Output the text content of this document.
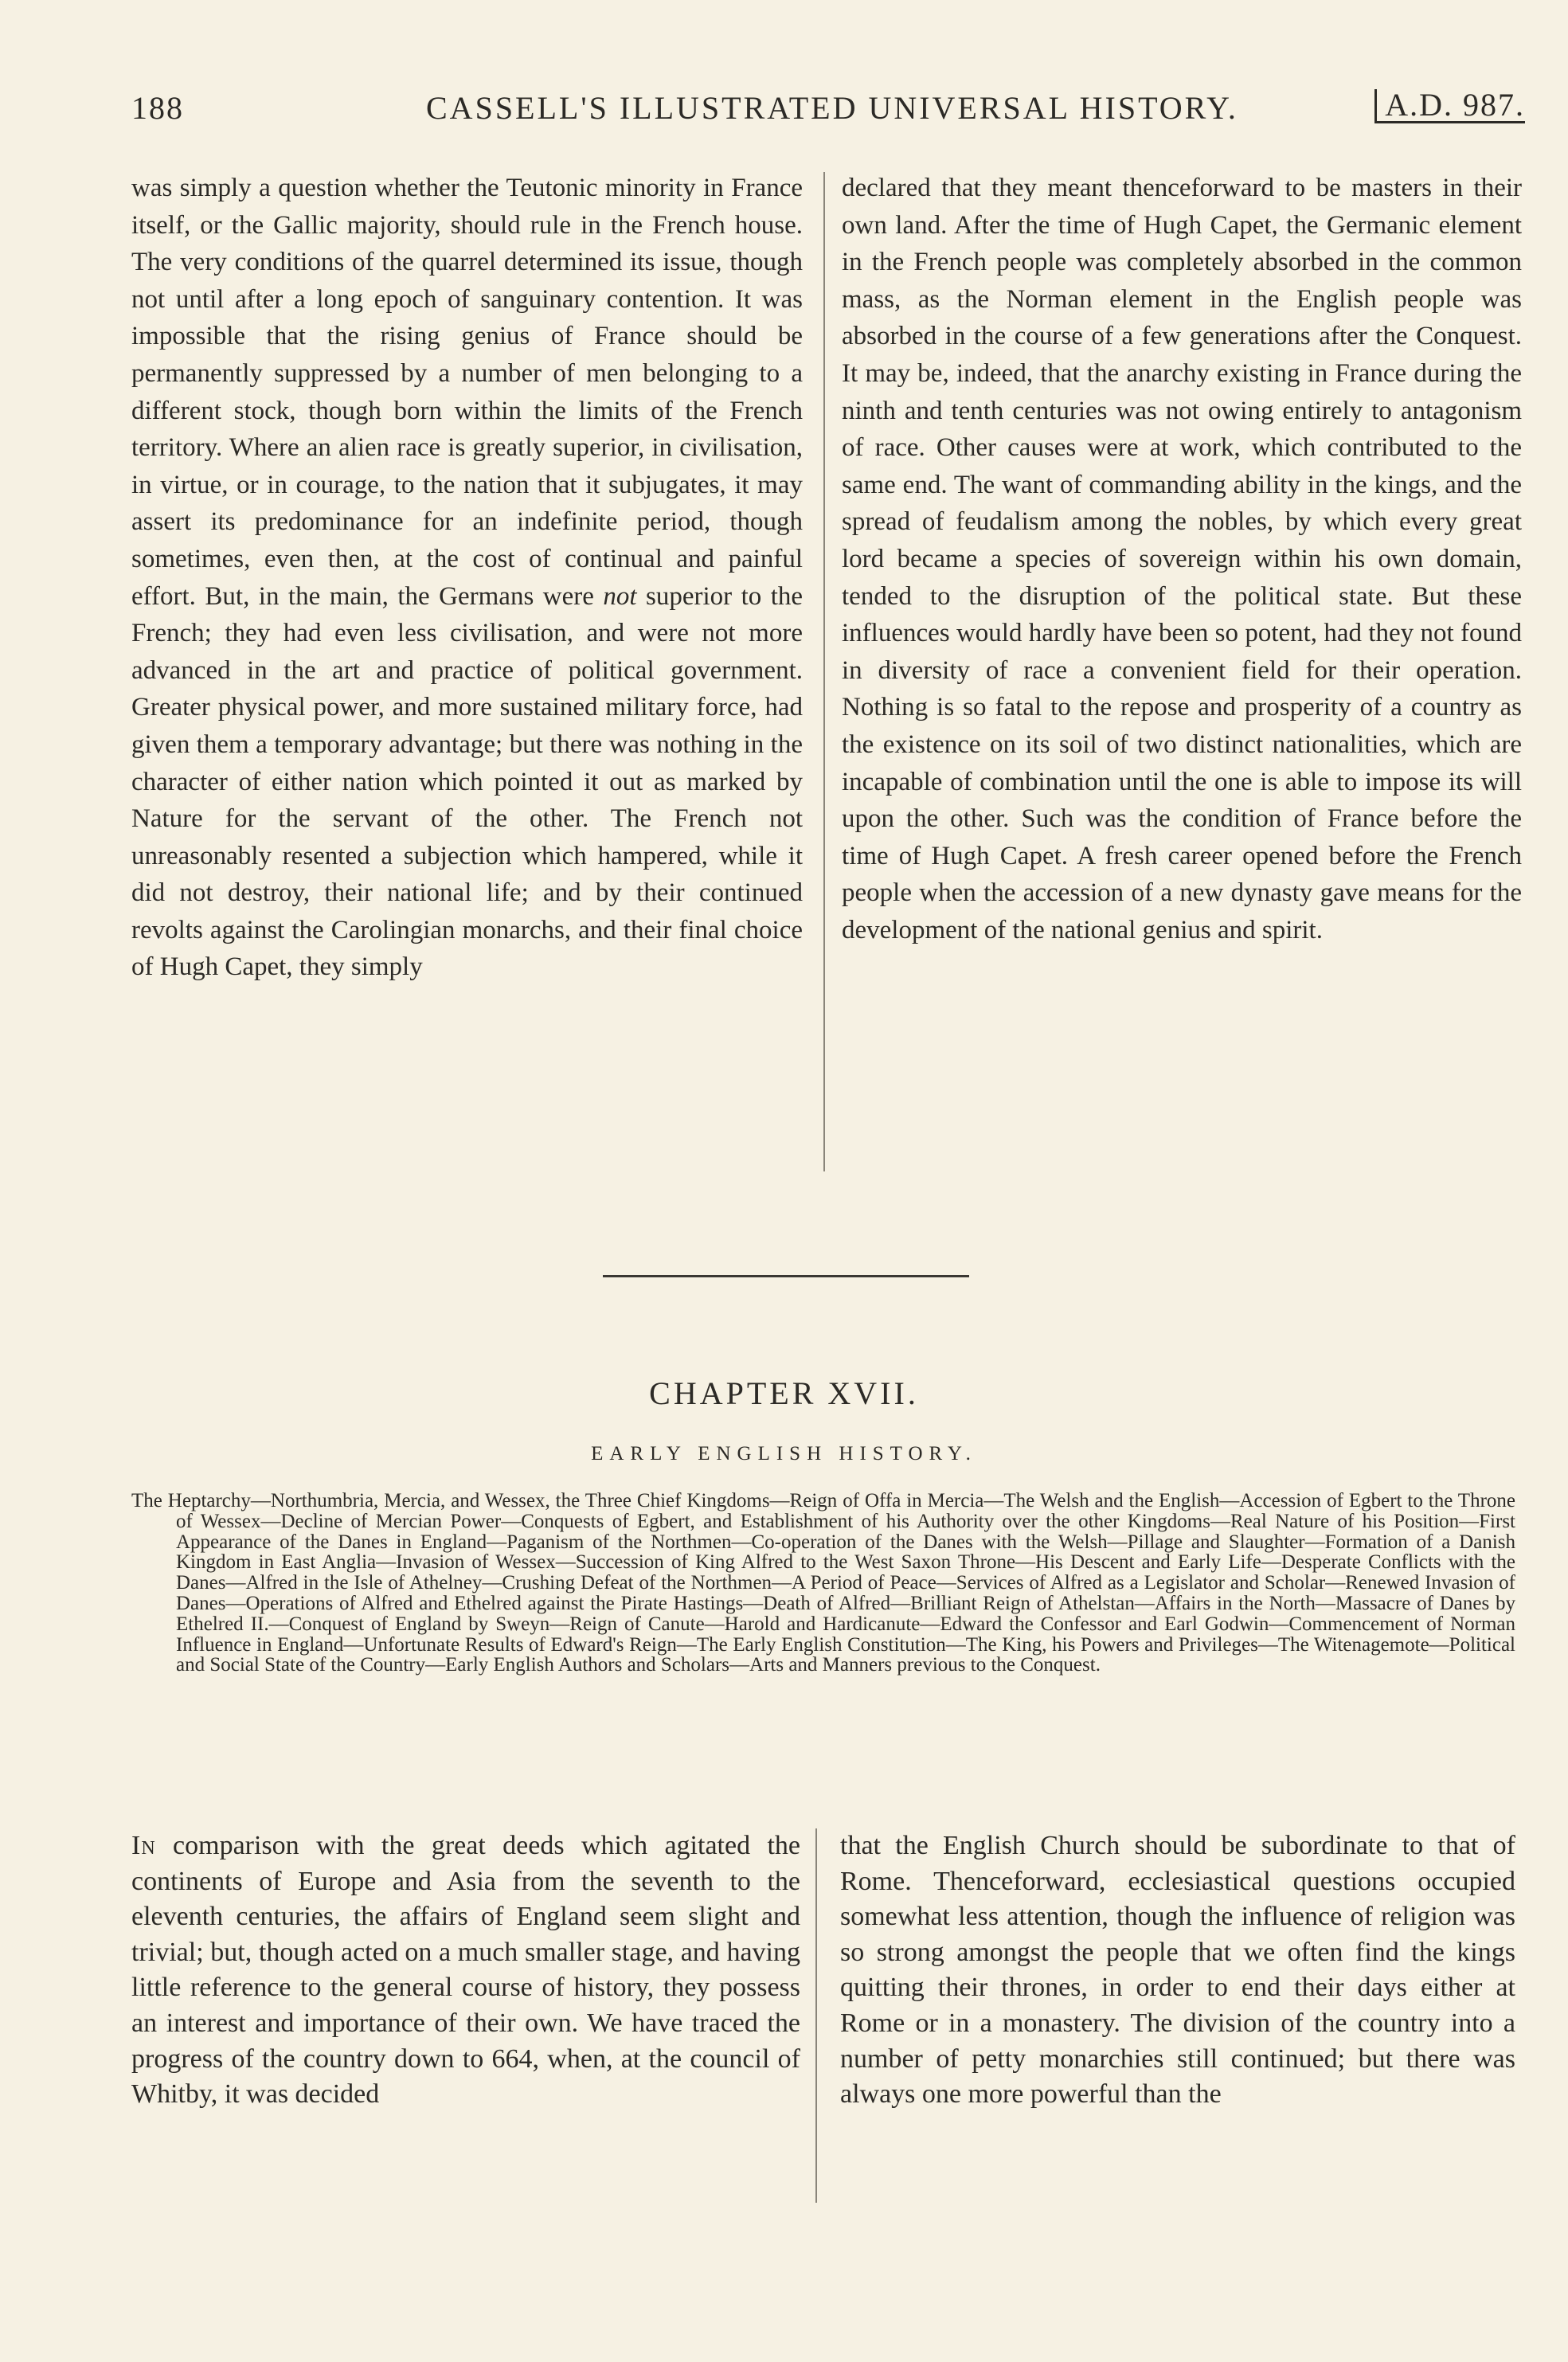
188	CASSELL'S ILLUSTRATED UNIVERSAL HISTORY.	A.D. 987.

was simply a question whether the Teutonic minority in France itself, or the Gallic majority, should rule in the French house. The very conditions of the quarrel determined its issue, though not until after a long epoch of sanguinary contention. It was impossible that the rising genius of France should be permanently suppressed by a number of men belonging to a different stock, though born within the limits of the French territory. Where an alien race is greatly superior, in civilisation, in virtue, or in courage, to the nation that it subjugates, it may assert its predominance for an indefinite period, though sometimes, even then, at the cost of continual and painful effort. But, in the main, the Germans were not superior to the French; they had even less civilisation, and were not more advanced in the art and practice of political government. Greater physical power, and more sustained military force, had given them a temporary advantage; but there was nothing in the character of either nation which pointed it out as marked by Nature for the servant of the other. The French not unreasonably resented a subjection which hampered, while it did not destroy, their national life; and by their continued revolts against the Carolingian monarchs, and their final choice of Hugh Capet, they simply

declared that they meant thenceforward to be masters in their own land. After the time of Hugh Capet, the Germanic element in the French people was completely absorbed in the common mass, as the Norman element in the English people was absorbed in the course of a few generations after the Conquest. It may be, indeed, that the anarchy existing in France during the ninth and tenth centuries was not owing entirely to antagonism of race. Other causes were at work, which contributed to the same end. The want of commanding ability in the kings, and the spread of feudalism among the nobles, by which every great lord became a species of sovereign within his own domain, tended to the disruption of the political state. But these influences would hardly have been so potent, had they not found in diversity of race a convenient field for their operation. Nothing is so fatal to the repose and prosperity of a country as the existence on its soil of two distinct nationalities, which are incapable of combination until the one is able to impose its will upon the other. Such was the condition of France before the time of Hugh Capet. A fresh career opened before the French people when the accession of a new dynasty gave means for the development of the national genius and spirit.

CHAPTER XVII.
EARLY ENGLISH HISTORY.
The Heptarchy—Northumbria, Mercia, and Wessex, the Three Chief Kingdoms—Reign of Offa in Mercia—The Welsh and the English—Accession of Egbert to the Throne of Wessex—Decline of Mercian Power—Conquests of Egbert, and Establishment of his Authority over the other Kingdoms—Real Nature of his Position—First Appearance of the Danes in England—Paganism of the Northmen—Co-operation of the Danes with the Welsh—Pillage and Slaughter—Formation of a Danish Kingdom in East Anglia—Invasion of Wessex—Succession of King Alfred to the West Saxon Throne—His Descent and Early Life—Desperate Conflicts with the Danes—Alfred in the Isle of Athelney—Crushing Defeat of the Northmen—A Period of Peace—Services of Alfred as a Legislator and Scholar—Renewed Invasion of Danes—Operations of Alfred and Ethelred against the Pirate Hastings—Death of Alfred—Brilliant Reign of Athelstan—Affairs in the North—Massacre of Danes by Ethelred II.—Conquest of England by Sweyn—Reign of Canute—Harold and Hardicanute—Edward the Confessor and Earl Godwin—Commencement of Norman Influence in England—Unfortunate Results of Edward's Reign—The Early English Constitution—The King, his Powers and Privileges—The Witenagemote—Political and Social State of the Country—Early English Authors and Scholars—Arts and Manners previous to the Conquest.

In comparison with the great deeds which agitated the continents of Europe and Asia from the seventh to the eleventh centuries, the affairs of England seem slight and trivial; but, though acted on a much smaller stage, and having little reference to the general course of history, they possess an interest and importance of their own. We have traced the progress of the country down to 664, when, at the council of Whitby, it was decided

that the English Church should be subordinate to that of Rome. Thenceforward, ecclesiastical questions occupied somewhat less attention, though the influence of religion was so strong amongst the people that we often find the kings quitting their thrones, in order to end their days either at Rome or in a monastery. The division of the country into a number of petty monarchies still continued; but there was always one more powerful than the
